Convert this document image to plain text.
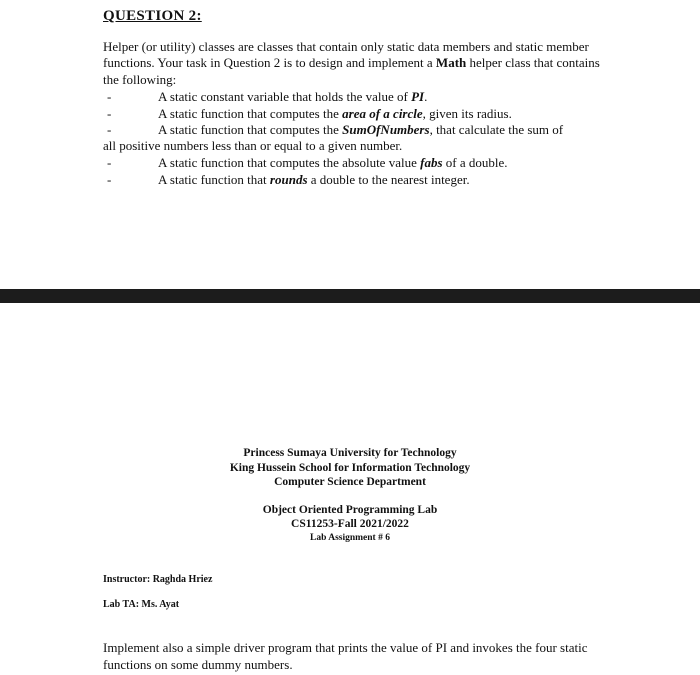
QUESTION 2:
Helper (or utility) classes are classes that contain only static data members and static member functions. Your task in Question 2 is to design and implement a Math helper class that contains the following:
-	A static constant variable that holds the value of PI.
-	A static function that computes the area of a circle, given its radius.
-	A static function that computes the SumOfNumbers, that calculate the sum of
all positive numbers less than or equal to a given number.
-	A static function that computes the absolute value fabs of a double.
-	A static function that rounds a double to the nearest integer.
Princess Sumaya University for Technology
King Hussein School for Information Technology
Computer Science Department
Object Oriented Programming Lab
CS11253-Fall 2021/2022
Lab Assignment # 6
Instructor: Raghda Hriez
Lab TA: Ms. Ayat
Implement also a simple driver program that prints the value of PI and invokes the four static functions on some dummy numbers.
